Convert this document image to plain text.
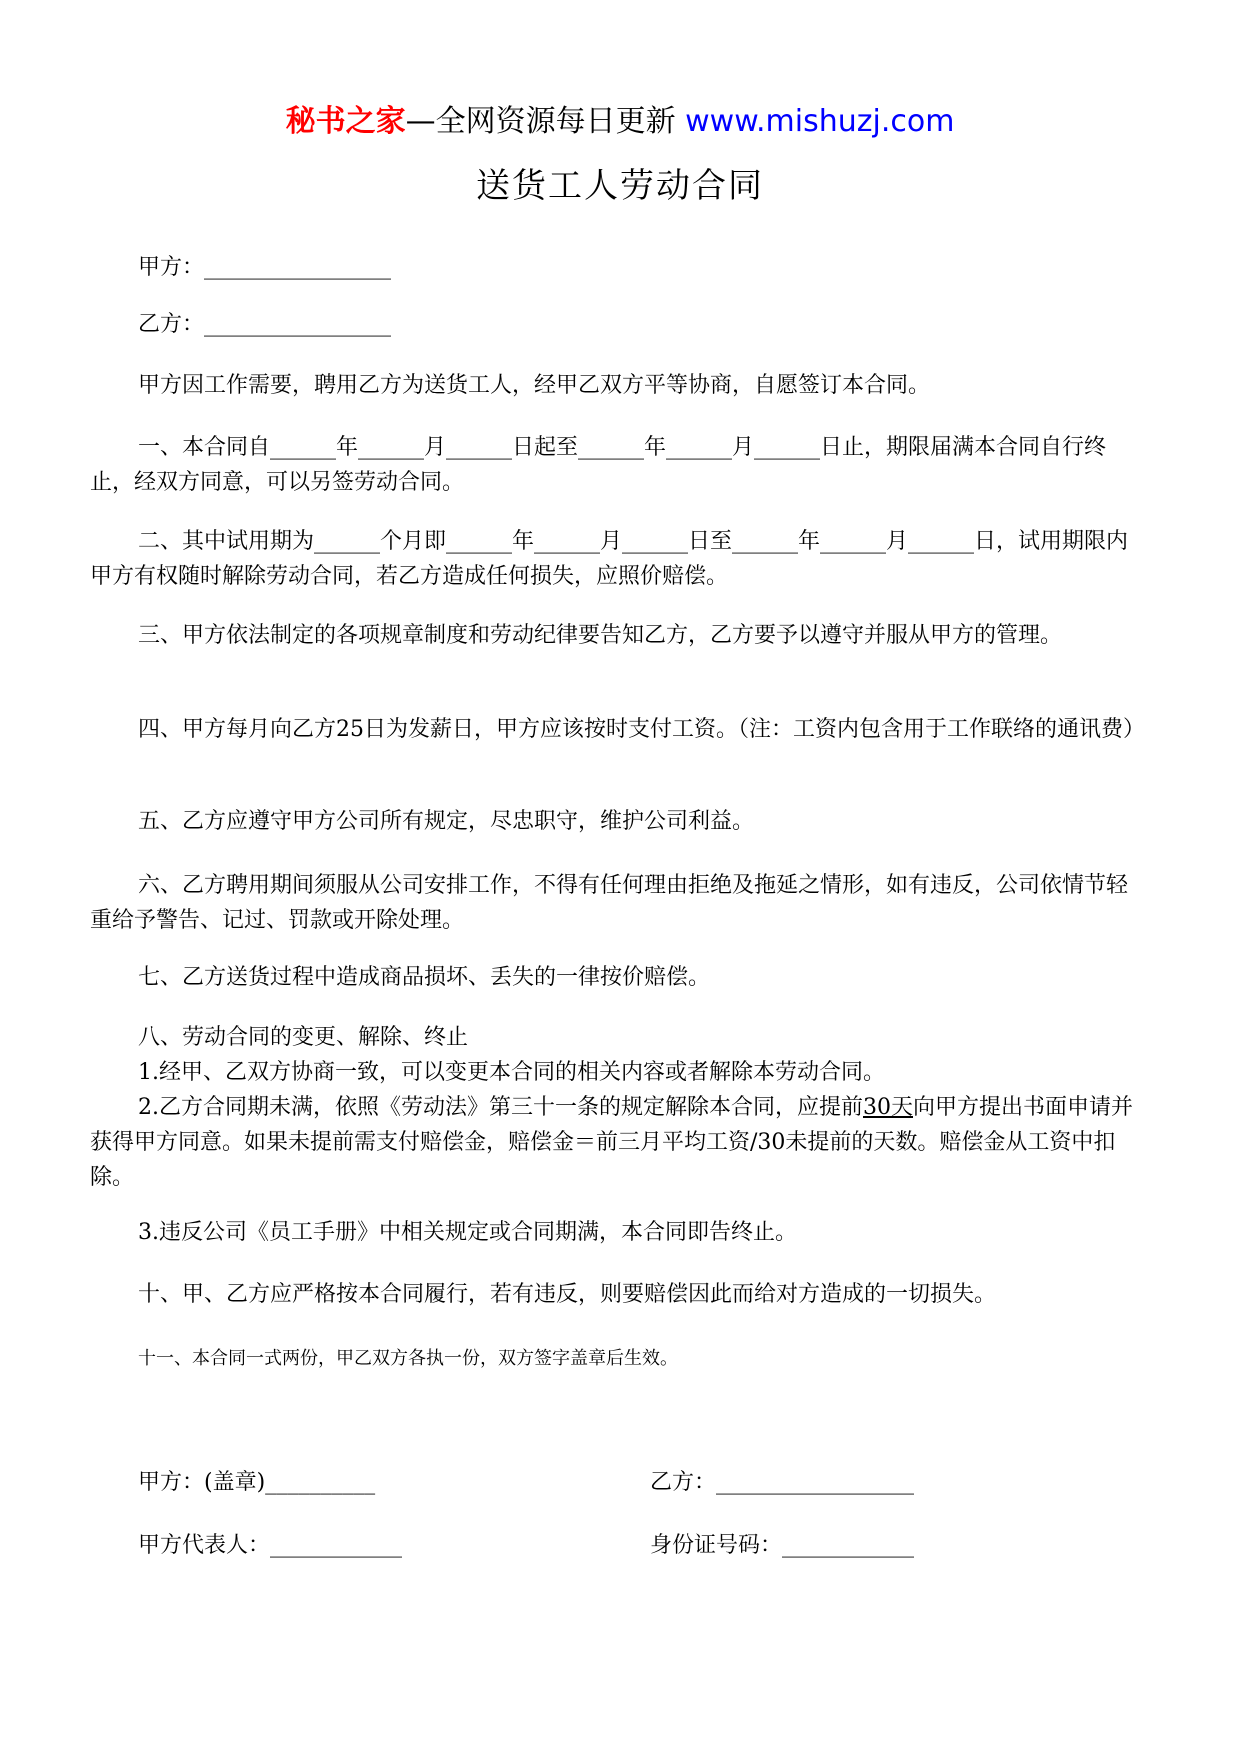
秘书之家—全网资源每日更新 www.mishuzj.com
送货工人劳动合同

甲方：_________________

乙方：_________________

甲方因工作需要，聘用乙方为送货工人，经甲乙双方平等协商，自愿签订本合同。

一、本合同自______年______月______日起至______年______月______日止，期限届满本合同自行终止，经双方同意，可以另签劳动合同。

二、其中试用期为______个月即______年______月______日至______年______月______日，试用期限内甲方有权随时解除劳动合同，若乙方造成任何损失，应照价赔偿。

三、甲方依法制定的各项规章制度和劳动纪律要告知乙方，乙方要予以遵守并服从甲方的管理。

四、甲方每月向乙方25日为发薪日，甲方应该按时支付工资。（注：工资内包含用于工作联络的通讯费）

五、乙方应遵守甲方公司所有规定，尽忠职守，维护公司利益。

六、乙方聘用期间须服从公司安排工作，不得有任何理由拒绝及拖延之情形，如有违反，公司依情节轻重给予警告、记过、罚款或开除处理。

七、乙方送货过程中造成商品损坏、丢失的一律按价赔偿。

八、劳动合同的变更、解除、终止

1.经甲、乙双方协商一致，可以变更本合同的相关内容或者解除本劳动合同。

2.乙方合同期未满，依照《劳动法》第三十一条的规定解除本合同，应提前30天向甲方提出书面申请并获得甲方同意。如果未提前需支付赔偿金，赔偿金＝前三月平均工资/30未提前的天数。赔偿金从工资中扣除。

3.违反公司《员工手册》中相关规定或合同期满，本合同即告终止。

十、甲、乙方应严格按本合同履行，若有违反，则要赔偿因此而给对方造成的一切损失。

十一、本合同一式两份，甲乙双方各执一份，双方签字盖章后生效。

甲方：(盖章)__________	乙方：__________________
甲方代表人：____________	身份证号码：____________
